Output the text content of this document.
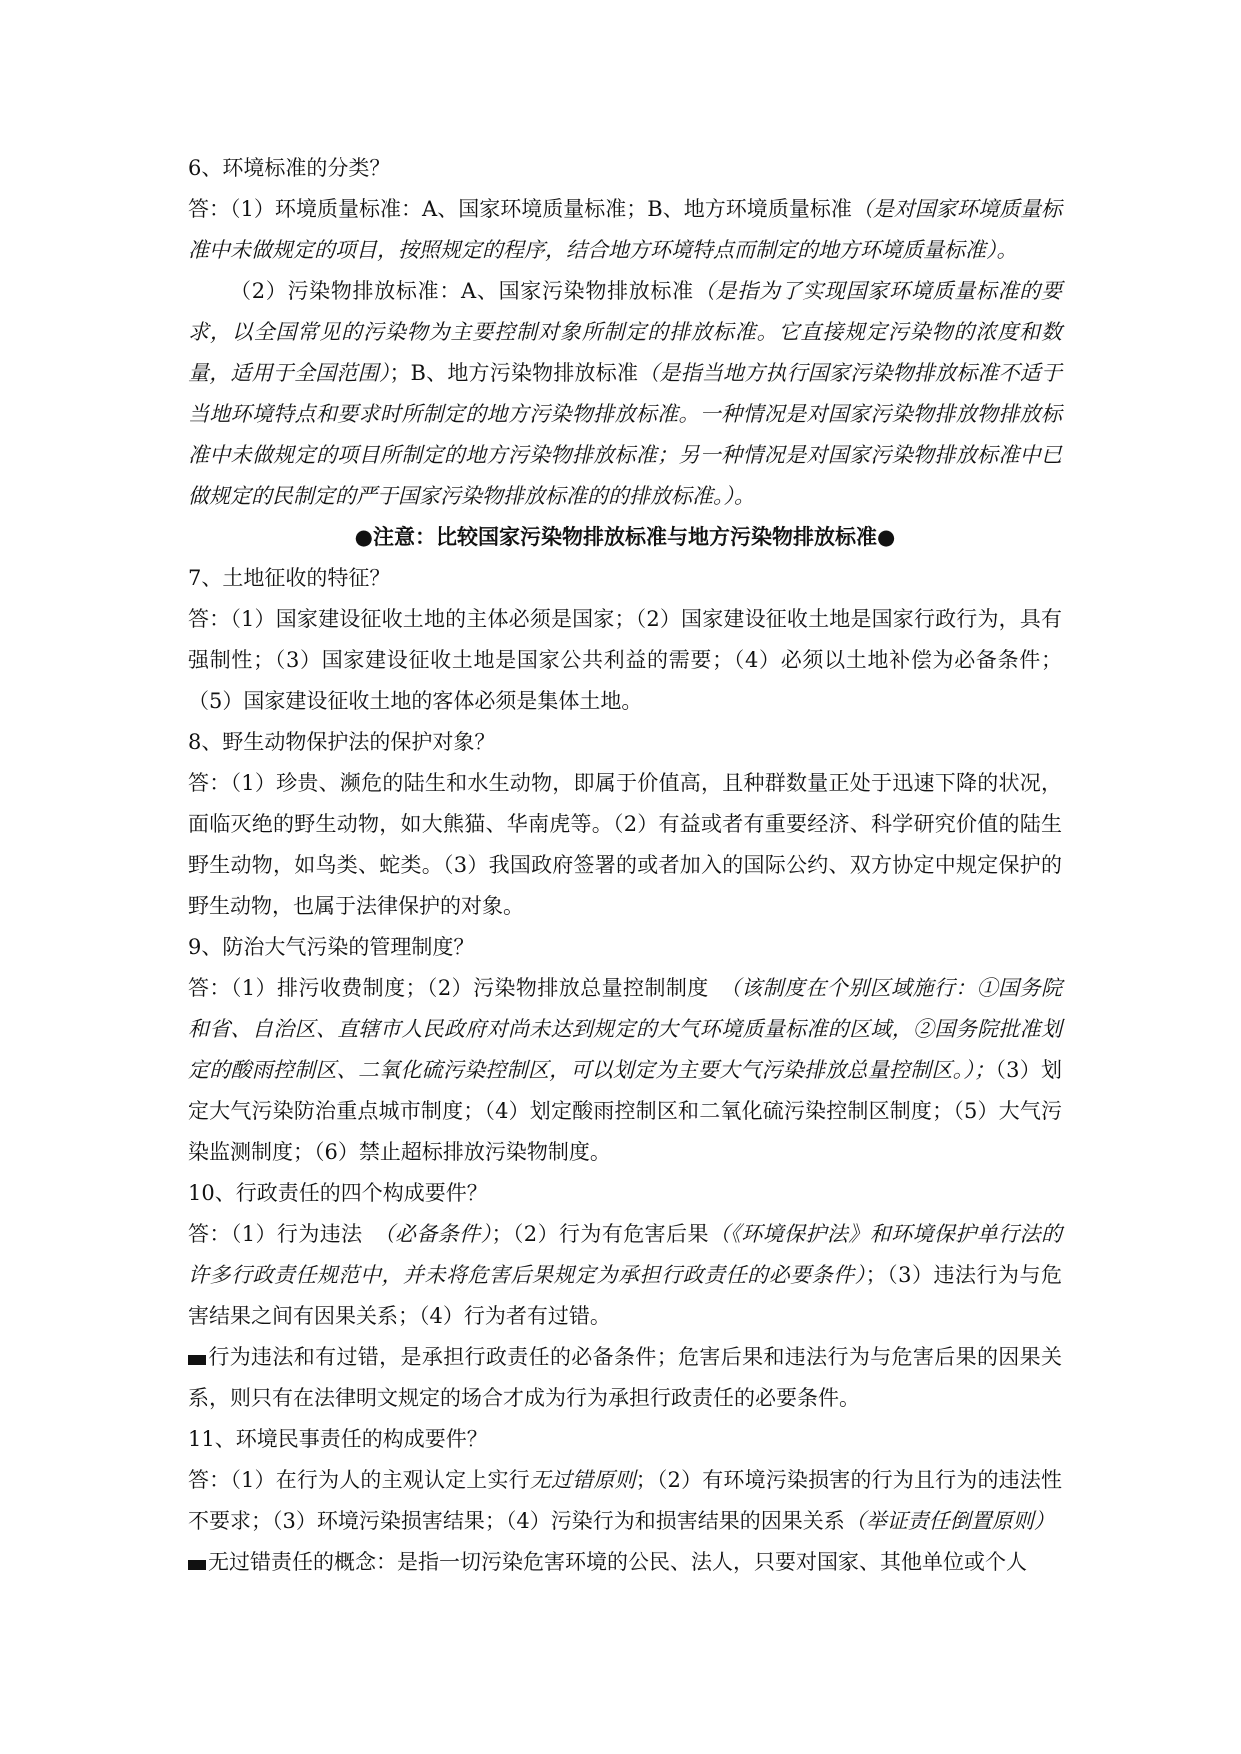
6、环境标准的分类？

答：（1）环境质量标准：A、国家环境质量标准；B、地方环境质量标准（是对国家环境质量标准中未做规定的项目，按照规定的程序，结合地方环境特点而制定的地方环境质量标准）。

（2）污染物排放标准：A、国家污染物排放标准（是指为了实现国家环境质量标准的要求，以全国常见的污染物为主要控制对象所制定的排放标准。它直接规定污染物的浓度和数量，适用于全国范围）；B、地方污染物排放标准（是指当地方执行国家污染物排放标准不适于当地环境特点和要求时所制定的地方污染物排放标准。一种情况是对国家污染物排放物排放标准中未做规定的项目所制定的地方污染物排放标准；另一种情况是对国家污染物排放标准中已做规定的民制定的严于国家污染物排放标准的的排放标准。）。

●注意：比较国家污染物排放标准与地方污染物排放标准●

7、土地征收的特征？

答：（1）国家建设征收土地的主体必须是国家；（2）国家建设征收土地是国家行政行为，具有强制性；（3）国家建设征收土地是国家公共利益的需要；（4）必须以土地补偿为必备条件；（5）国家建设征收土地的客体必须是集体土地。

8、野生动物保护法的保护对象？

答：（1）珍贵、濒危的陆生和水生动物，即属于价值高，且种群数量正处于迅速下降的状况，面临灭绝的野生动物，如大熊猫、华南虎等。（2）有益或者有重要经济、科学研究价值的陆生野生动物，如鸟类、蛇类。（3）我国政府签署的或者加入的国际公约、双方协定中规定保护的野生动物，也属于法律保护的对象。

9、防治大气污染的管理制度？

答：（1）排污收费制度；（2）污染物排放总量控制制度　 （该制度在个别区域施行：①国务院和省、自治区、直辖市人民政府对尚未达到规定的大气环境质量标准的区域，②国务院批准划定的酸雨控制区、二氧化硫污染控制区，可以划定为主要大气污染排放总量控制区。）；（3）划定大气污染防治重点城市制度；（4）划定酸雨控制区和二氧化硫污染控制区制度；（5）大气污染监测制度；（6）禁止超标排放污染物制度。

10、行政责任的四个构成要件？

答：（1）行为违法　 （必备条件）；（2）行为有危害后果（《环境保护法》和环境保护单行法的许多行政责任规范中，并未将危害后果规定为承担行政责任的必要条件）；（3）违法行为与危害结果之间有因果关系；（4）行为者有过错。

行为违法和有过错，是承担行政责任的必备条件；危害后果和违法行为与危害后果的因果关系，则只有在法律明文规定的场合才成为行为承担行政责任的必要条件。

11、环境民事责任的构成要件？

答：（1）在行为人的主观认定上实行无过错原则；（2）有环境污染损害的行为且行为的违法性不要求；（3）环境污染损害结果；（4）污染行为和损害结果的因果关系（举证责任倒置原则）

无过错责任的概念：是指一切污染危害环境的公民、法人，只要对国家、其他单位或个人
